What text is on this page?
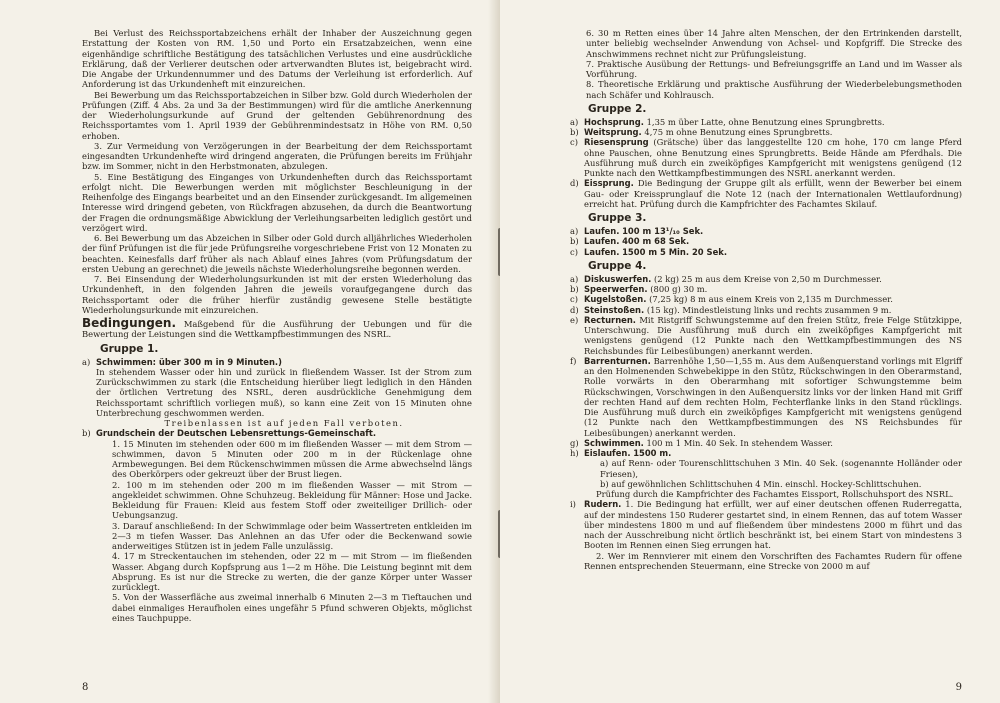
Bei Verlust des Reichssportabzeichens erhält der Inhaber der Auszeichnung gegen Erstattung der Kosten von RM. 1,50 und Porto ein Ersatzabzeichen, wenn eine eigenhändige schriftliche Bestätigung des tatsächlichen Verlustes und eine ausdrückliche Erklärung, daß der Verlierer deutschen oder artverwandten Blutes ist, beigebracht wird. Die Angabe der Urkundennummer und des Datums der Verleihung ist erforderlich. Auf Anforderung ist das Urkundenheft mit einzureichen.

Bei Bewerbung um das Reichssportabzeichen in Silber bzw. Gold durch Wiederholen der Prüfungen (Ziff. 4 Abs. 2a und 3a der Bestimmungen) wird für die amtliche Anerkennung der Wiederholungsurkunde auf Grund der geltenden Gebührenordnung des Reichssportamtes vom 1. April 1939 der Gebührenmindestsatz in Höhe von RM. 0,50 erhoben.

3. Zur Vermeidung von Verzögerungen in der Bearbeitung der dem Reichssportamt eingesandten Urkundenhefte wird dringend angeraten, die Prüfungen bereits im Frühjahr bzw. im Sommer, nicht in den Herbstmonaten, abzulegen.

5. Eine Bestätigung des Einganges von Urkundenheften durch das Reichssportamt erfolgt nicht. Die Bewerbungen werden mit möglichster Beschleunigung in der Reihenfolge des Eingangs bearbeitet und an den Einsender zurückgesandt. Im allgemeinen Interesse wird dringend gebeten, von Rückfragen abzusehen, da durch die Beantwortung der Fragen die ordnungsmäßige Abwicklung der Verleihungsarbeiten lediglich gestört und verzögert wird.

6. Bei Bewerbung um das Abzeichen in Silber oder Gold durch alljährliches Wiederholen der fünf Prüfungen ist die für jede Prüfungsreihe vorgeschriebene Frist von 12 Monaten zu beachten. Keinesfalls darf früher als nach Ablauf eines Jahres (vom Prüfungsdatum der ersten Uebung an gerechnet) die jeweils nächste Wiederholungsreihe begonnen werden.

7. Bei Einsendung der Wiederholungsurkunden ist mit der ersten Wiederholung das Urkundenheft, in den folgenden Jahren die jeweils voraufgegangene durch das Reichssportamt oder die früher hierfür zuständig gewesene Stelle bestätigte Wiederholungsurkunde mit einzureichen.

Bedingungen. Maßgebend für die Ausführung der Uebungen und für die Bewertung der Leistungen sind die Wettkampfbestimmungen des NSRL.

Gruppe 1.
a) Schwimmen: über 300 m in 9 Minuten.)

In stehendem Wasser oder hin und zurück in fließendem Wasser. Ist der Strom zum Zurückschwimmen zu stark (die Entscheidung hierüber liegt lediglich in den Händen der örtlichen Vertretung des NSRL, deren ausdrückliche Genehmigung dem Reichssportamt schriftlich vorliegen muß), so kann eine Zeit von 15 Minuten ohne Unterbrechung geschwommen werden.

Treibenlassen ist auf jeden Fall verboten.

b) Grundschein der Deutschen Lebensrettungs-Gemeinschaft.

1. 15 Minuten im stehenden oder 600 m im fließenden Wasser — mit dem Strom — schwimmen, davon 5 Minuten oder 200 m in der Rückenlage ohne Armbewegungen. Bei dem Rückenschwimmen müssen die Arme abwechselnd längs des Oberkörpers oder gekreuzt über der Brust liegen.

2. 100 m im stehenden oder 200 m im fließenden Wasser — mit Strom — angekleidet schwimmen. Ohne Schuhzeug. Bekleidung für Männer: Hose und Jacke. Bekleidung für Frauen: Kleid aus festem Stoff oder zweiteiliger Drillich- oder Uebungsanzug.

3. Darauf anschließend: In der Schwimmlage oder beim Wassertreten entkleiden im 2—3 m tiefen Wasser. Das Anlehnen an das Ufer oder die Beckenwand sowie anderweitiges Stützen ist in jedem Falle unzulässig.

4. 17 m Streckentauchen im stehenden, oder 22 m — mit Strom — im fließenden Wasser. Abgang durch Kopfsprung aus 1—2 m Höhe. Die Leistung beginnt mit dem Absprung. Es ist nur die Strecke zu werten, die der ganze Körper unter Wasser zurücklegt.

5. Von der Wasserfläche aus zweimal innerhalb 6 Minuten 2—3 m Tieftauchen und dabei einmaliges Heraufholen eines ungefähr 5 Pfund schweren Objekts, möglichst eines Tauchpuppe.

8

6. 30 m Retten eines über 14 Jahre alten Menschen, der den Ertrinkenden darstellt, unter beliebig wechselnder Anwendung von Achsel- und Kopfgriff. Die Strecke des Anschwimmens rechnet nicht zur Prüfungsleistung.

7. Praktische Ausübung der Rettungs- und Befreiungsgriffe an Land und im Wasser als Vorführung.

8. Theoretische Erklärung und praktische Ausführung der Wiederbelebungsmethoden nach Schäfer und Kohlrausch.

Gruppe 2.
a) Hochsprung. 1,35 m über Latte, ohne Benutzung eines Sprungbretts.

b) Weitsprung. 4,75 m ohne Benutzung eines Sprungbretts.

c) Riesensprung (Grätsche) über das langgestellte 120 cm hohe, 170 cm lange Pferd ohne Pauschen, ohne Benutzung eines Sprungbretts. Beide Hände am Pferdhals. Die Ausführung muß durch ein zweiköpfiges Kampfgericht mit wenigstens genügend (12 Punkte nach den Wettkampfbestimmungen des NSRL anerkannt werden.

d) Eissprung. Die Bedingung der Gruppe gilt als erfüllt, wenn der Bewerber bei einem Gau- oder Kreissprunglauf die Note 12 (nach der Internationalen Wettlaufordnung) erreicht hat. Prüfung durch die Kampfrichter des Fachamtes Skilauf.

Gruppe 3.
a) Laufen. 100 m 13¹/₁₀ Sek.

b) Laufen. 400 m 68 Sek.

c) Laufen. 1500 m 5 Min. 20 Sek.

Gruppe 4.
a) Diskuswerfen. (2 kg) 25 m aus dem Kreise von 2,50 m Durchmesser.

b) Speerwerfen. (800 g) 30 m.

c) Kugelstoßen. (7,25 kg) 8 m aus einem Kreis von 2,135 m Durchmesser.

d) Steinstoßen. (15 kg). Mindestleistung links und rechts zusammen 9 m.

e) Recturnen. Mit Ristgriff Schwungstemme auf den freien Stütz, freie Felge Stützkippe, Unterschwung. Die Ausführung muß durch ein zweiköpfiges Kampfgericht mit wenigstens genügend (12 Punkte nach den Wettkampfbestimmungen des NS Reichsbundes für Leibesübungen) anerkannt werden.

f) Barrenturnen. Barrenhöhe 1,50—1,55 m. Aus dem Außenquerstand vorlings mit Elgriff an den Holmenenden Schwebekippe in den Stütz, Rückschwingen in den Oberarmstand, Rolle vorwärts in den Oberarmhang mit sofortiger Schwungstemme beim Rückschwingen, Vorschwingen in den Außenquersitz links vor der linken Hand mit Griff der rechten Hand auf dem rechten Holm, Fechterflanke links in den Stand rücklings. Die Ausführung muß durch ein zweiköpfiges Kampfgericht mit wenigstens genügend (12 Punkte nach den Wettkampfbestimmungen des NS Reichsbundes für Leibesübungen) anerkannt werden.

g) Schwimmen. 100 m 1 Min. 40 Sek. In stehendem Wasser.

h) Eislaufen. 1500 m.

a) auf Renn- oder Tourenschlittschuhen 3 Min. 40 Sek. (sogenannte Holländer oder Friesen),

b) auf gewöhnlichen Schlittschuhen 4 Min. einschl. Hockey-Schlittschuhen.

Prüfung durch die Kampfrichter des Fachamtes Eissport, Rollschuhsport des NSRL.

i) Rudern. 1. Die Bedingung hat erfüllt, wer auf einer deutschen offenen Ruderregatta, auf der mindestens 150 Ruderer gestartet sind, in einem Rennen, das auf totem Wasser über mindestens 1800 m und auf fließendem über mindestens 2000 m führt und das nach der Ausschreibung nicht örtlich beschränkt ist, bei einem Start von mindestens 3 Booten im Rennen einen Sieg errungen hat.

2. Wer im Rennvierer mit einem den Vorschriften des Fachamtes Rudern für offene Rennen entsprechenden Steuermann, eine Strecke von 2000 m auf

9
